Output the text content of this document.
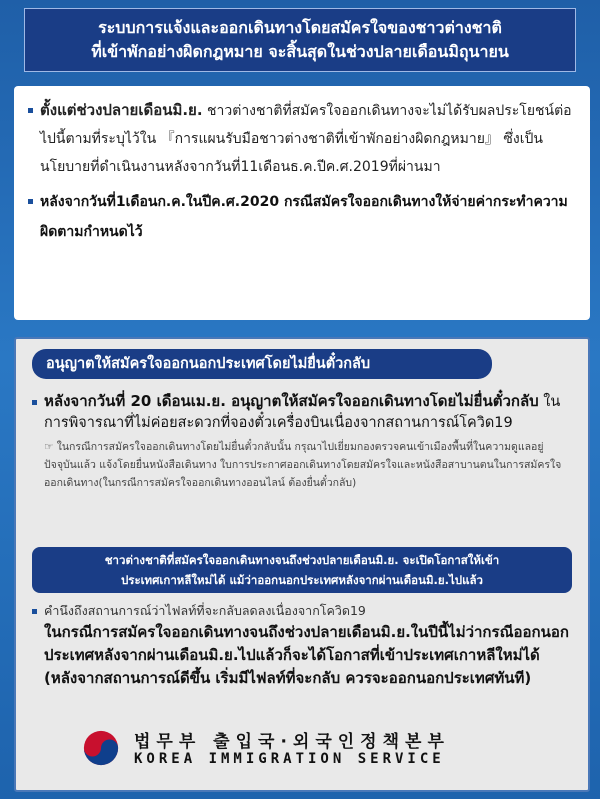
ระบบการแจ้งและออกเดินทางโดยสมัครใจของชาวต่างชาติ
ที่เข้าพักอย่างผิดกฎหมาย จะสิ้นสุดในช่วงปลายเดือนมิถุนายน
ตั้งแต่ช่วงปลายเดือนมิ.ย. ชาวต่างชาติที่สมัครใจออกเดินทางจะไม่ได้รับผลประโยชน์ต่อไปนี้ตามที่ระบุไว้ใน 『การแผนรับมือชาวต่างชาติที่เข้าพักอย่างผิดกฎหมาย』 ซึ่งเป็นนโยบายที่ดำเนินงานหลังจากวันที่11เดือนธ.ค.ปีค.ศ.2019ที่ผ่านมา
หลังจากวันที่1เดือนก.ค.ในปีค.ศ.2020 กรณีสมัครใจออกเดินทางให้จ่ายค่ากระทำความผิดตามกำหนดไว้
อนุญาตให้สมัครใจออกนอกประเทศโดยไม่ยื่นตั๋วกลับ
หลังจากวันที่ 20 เดือนเม.ย. อนุญาตให้สมัครใจออกเดินทางโดยไม่ยื่นตั๋วกลับ ในการพิจารณาที่ไม่ค่อยสะดวกที่จองตั๋วเครื่องบินเนื่องจากสถานการณ์โควิด19
☞ ในกรณีการสมัครใจออกเดินทางโดยไม่ยื่นตั๋วกลับนั้น กรุณาไปเยี่ยมกองตรวจคนเข้าเมืองพื้นที่ในความดูแลอยู่ปัจจุบันแล้ว แจ้งโดยยื่นหนังสือเดินทาง ใบการประกาศออกเดินทางโดยสมัครใจและหนังสือสาบานตนในการสมัครใจออกเดินทาง(ในกรณีการสมัครใจออกเดินทางออนไลน์ ต้องยื่นตั๋วกลับ)
ชาวต่างชาติที่สมัครใจออกเดินทางจนถึงช่วงปลายเดือนมิ.ย. จะเปิดโอกาสให้เข้า
ประเทศเกาหลีใหม่ได้ แม้ว่าออกนอกประเทศหลังจากผ่านเดือนมิ.ย.ไปแล้ว
คำนึงถึงสถานการณ์ว่าไฟลท์ที่จะกลับลดลงเนื่องจากโควิด19
ในกรณีการสมัครใจออกเดินทางจนถึงช่วงปลายเดือนมิ.ย.ในปีนี้ไม่ว่ากรณีออกนอกประเทศหลังจากผ่านเดือนมิ.ย.ไปแล้วก็จะได้โอกาสที่เข้าประเทศเกาหลีใหม่ได้ (หลังจากสถานการณ์ดีขึ้น เริ่มมีไฟลท์ที่จะกลับ ควรจะออกนอกประเทศทันที)
법무부 출입국·외국인정책본부
KOREA IMMIGRATION SERVICE
